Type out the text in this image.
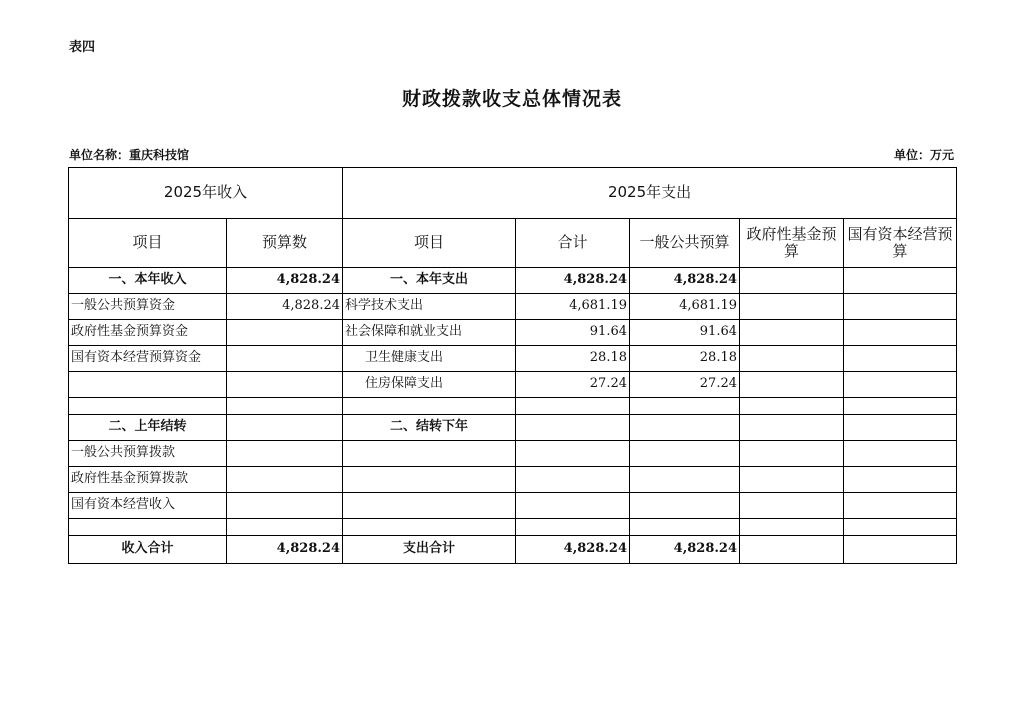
表四
财政拨款收支总体情况表
单位名称：重庆科技馆	单位：万元
2025年收入		2025年支出				
项目	预算数	项目	合计	一般公共预算	政府性基金预算	国有资本经营预算
一、本年收入	4,828.24	一、本年支出	4,828.24	4,828.24		
一般公共预算资金	4,828.24	科学技术支出	4,681.19	4,681.19		
政府性基金预算资金		社会保障和就业支出	91.64	91.64		
国有资本经营预算资金		卫生健康支出	28.18	28.18		
		住房保障支出	27.24	27.24		

二、上年结转		二、结转下年				
一般公共预算拨款						
政府性基金预算拨款						
国有资本经营收入						

收入合计	4,828.24	支出合计	4,828.24	4,828.24		
